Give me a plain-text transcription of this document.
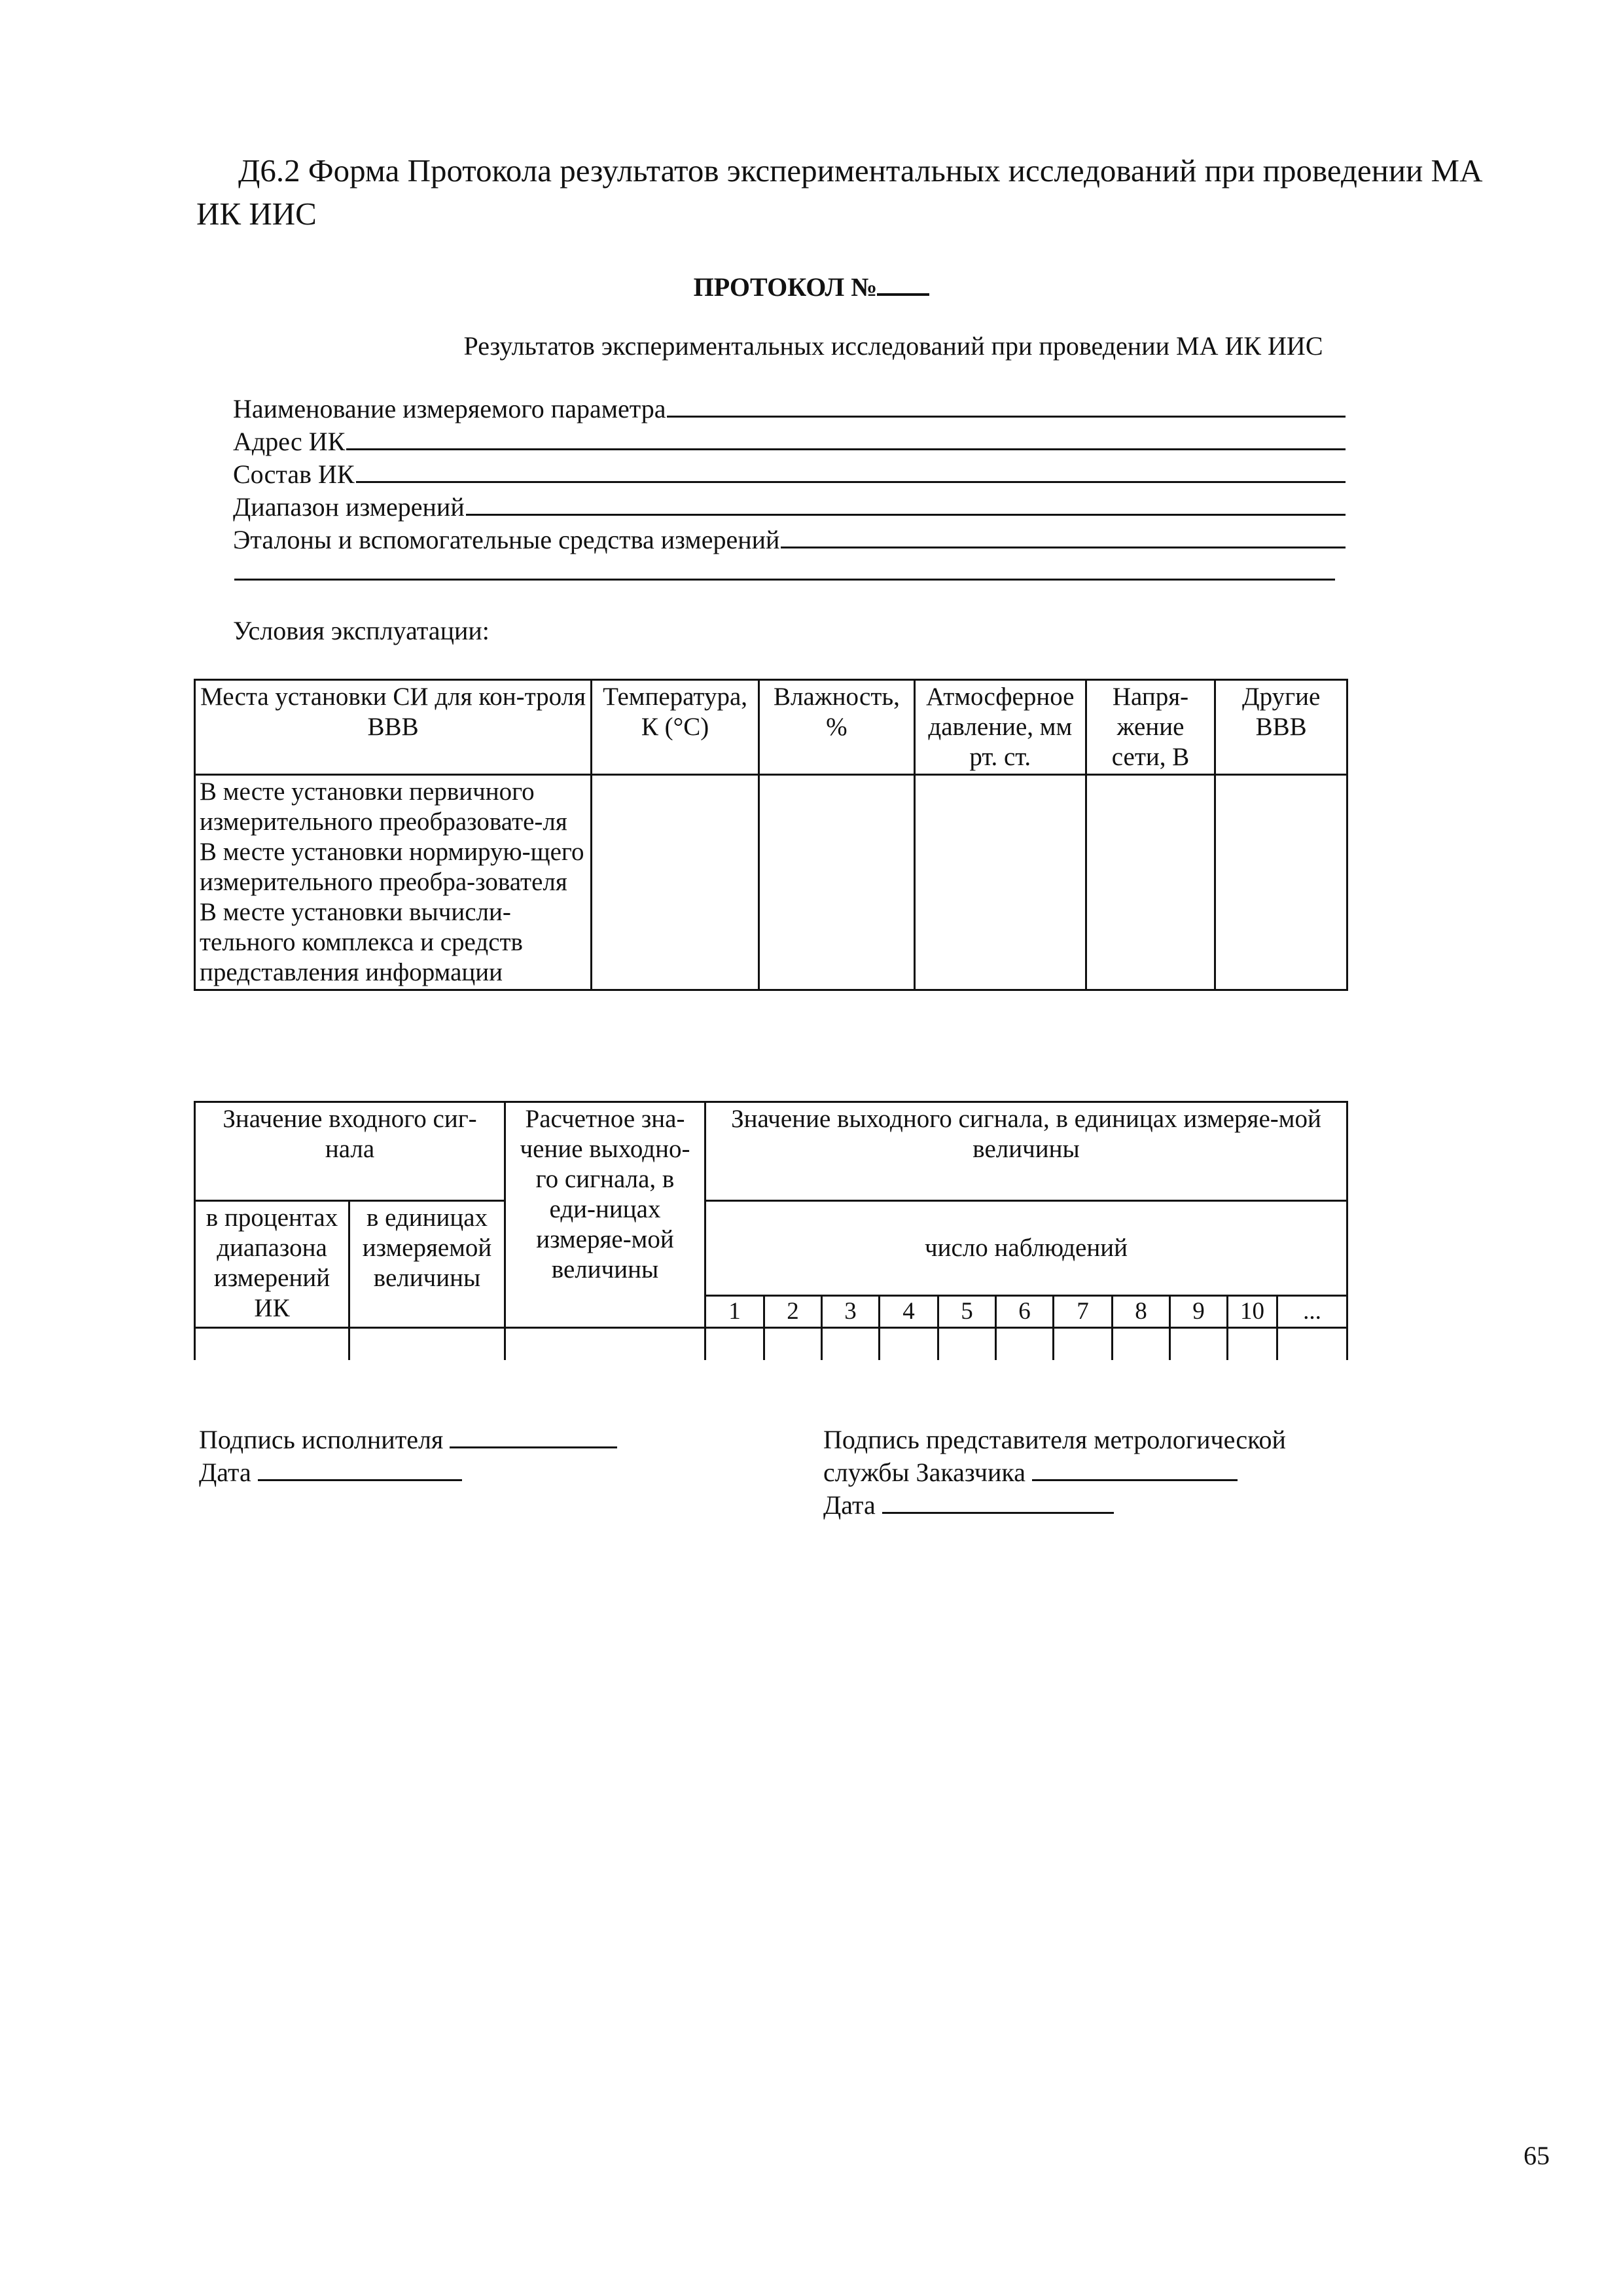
Д6.2 Форма Протокола результатов экспериментальных исследований при проведении МА
ИК ИИС
ПРОТОКОЛ №
Результатов экспериментальных исследований при проведении МА ИК ИИС
Наименование измеряемого параметра
Адрес ИК
Состав ИК
Диапазон измерений
Эталоны и вспомогательные средства измерений
Условия эксплуатации:
Места установки СИ для кон-троля ВВВ	Температура, К (°С)	Влажность, %	Атмосферное давление, мм рт. ст.	Напря-жение сети, В	Другие ВВВ

В месте установки первичного измерительного преобразовате-ля
В месте установки нормирую-щего измерительного преобра-зователя
В месте установки вычисли-тельного комплекса и средств представления информации					

Значение входного сиг-нала		Расчетное зна-чение выходно-го сигнала, в еди-ницах измеряе-мой величины	Значение выходного сигнала, в единицах измеряе-мой величины										
в процентах диапазона измерений ИК	в единицах измеряемой величины		число наблюдений										
			1	2	3	4	5	6	7	8	9	10	...

Подпись исполнителя
Дата
Подпись представителя метрологической
службы Заказчика
Дата
65
